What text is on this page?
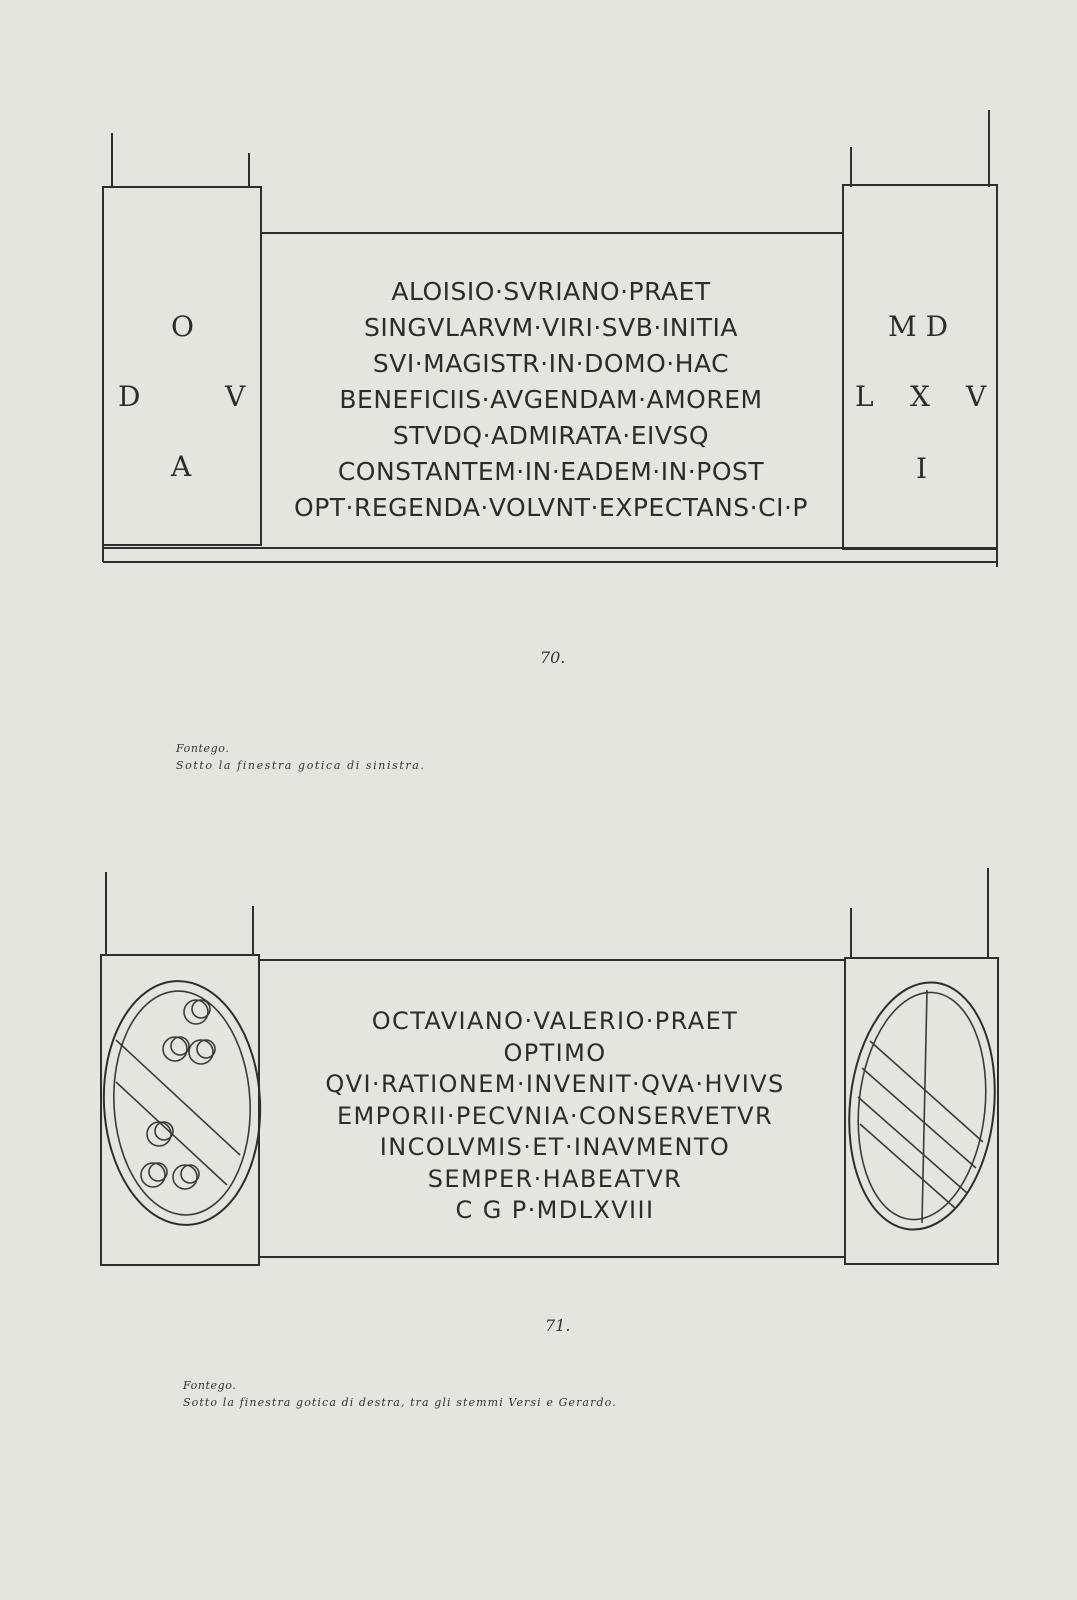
ALOISIO·SVRIANO·PRAET
SINGVLARVM·VIRI·SVB·INITIA
SVI·MAGISTR·IN·DOMO·HAC
BENEFICIIS·AVGENDAM·AMOREM
STVDQ·ADMIRATA·EIVSQ
CONSTANTEM·IN·EADEM·IN·POST
OPT·REGENDA·VOLVNT·EXPECTANS·CI·P
O
D	V
A
M D
L X V
I
70.
Fontego.
Sotto la finestra gotica di sinistra.
OCTAVIANO·VALERIO·PRAET
OPTIMO
QVI·RATIONEM·INVENIT·QVA·HVIVS
EMPORII·PECVNIA·CONSERVETVR
INCOLVMIS·ET·INAVMENTO
SEMPER·HABEATVR
C G P·MDLXVIII
71.
Fontego.
Sotto la finestra gotica di destra, tra gli stemmi Versi e Gerardo.
